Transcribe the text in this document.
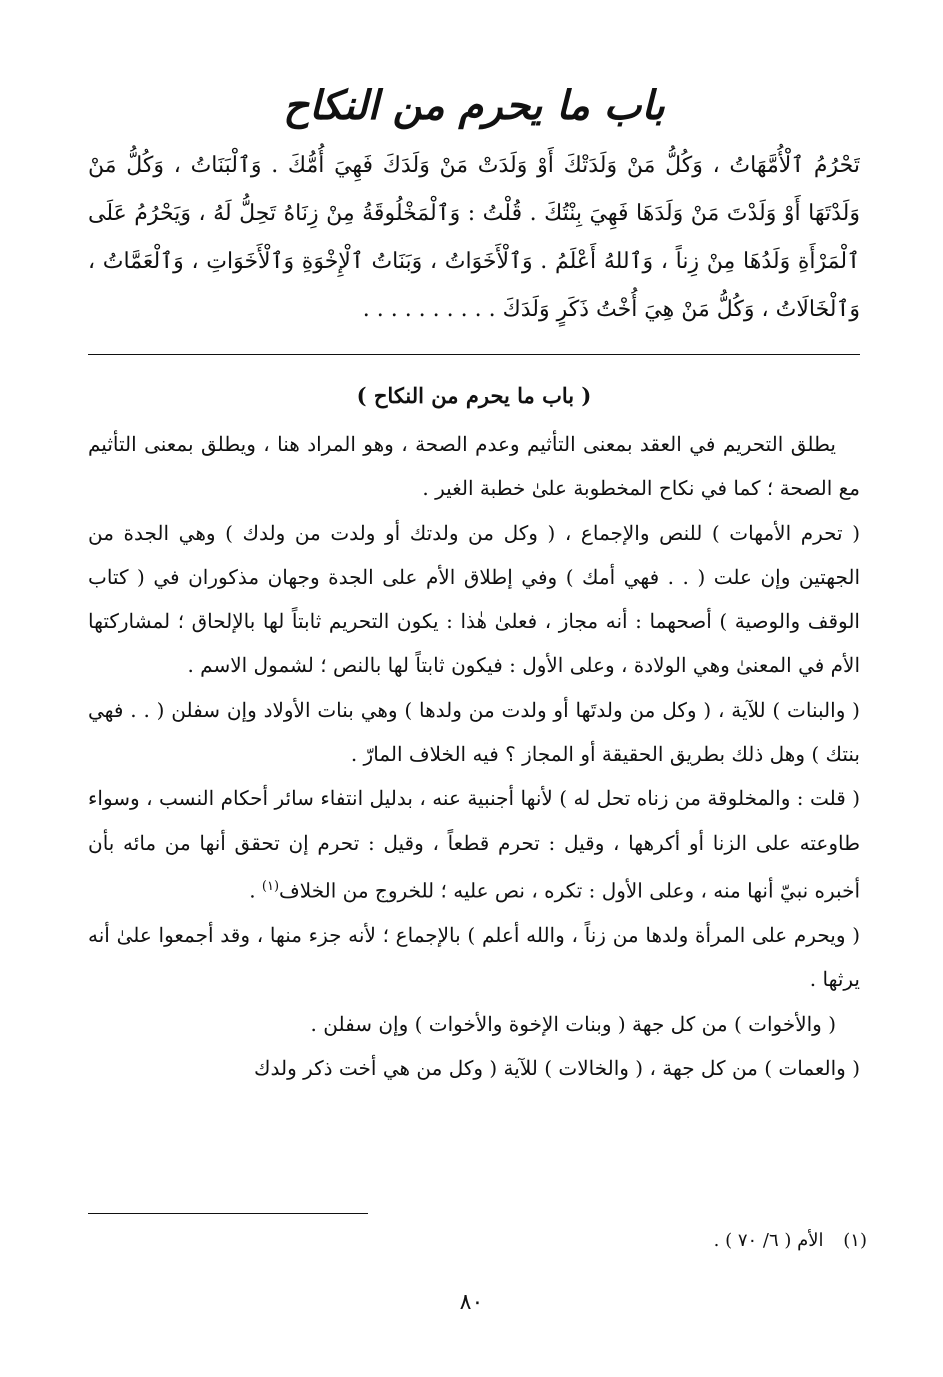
باب ما يحرم من النكاح

تَحْرُمُ ٱلْأُمَّهَاتُ ، وَكُلُّ مَنْ وَلَدَتْكَ أَوْ وَلَدَتْ مَنْ وَلَدَكَ فَهِيَ أُمُّكَ . وَٱلْبَنَاتُ ، وَكُلُّ مَنْ وَلَدْتَهَا أَوْ وَلَدْتَ مَنْ وَلَدَهَا فَهِيَ بِنْتُكَ . قُلْتُ : وَٱلْمَخْلُوقَةُ مِنْ زِنَاهُ تَحِلُّ لَهُ ، وَيَحْرُمُ عَلَى ٱلْمَرْأَةِ وَلَدُهَا مِنْ زِناً ، وَٱللهُ أَعْلَمُ . وَٱلْأَخَوَاتُ ، وَبَنَاتُ ٱلْإِخْوَةِ وَٱلْأَخَوَاتِ ، وَٱلْعَمَّاتُ ، وَٱلْخَالَاتُ ، وَكُلُّ مَنْ هِيَ أُخْتُ ذَكَرٍ وَلَدَكَ . . . . . . . . . .

( باب ما يحرم من النكاح )

يطلق التحريم في العقد بمعنى التأثيم وعدم الصحة ، وهو المراد هنا ، ويطلق بمعنى التأثيم مع الصحة ؛ كما في نكاح المخطوبة علىٰ خطبة الغير .

( تحرم الأمهات ) للنص والإجماع ، ( وكل من ولدتك أو ولدت من ولدك ) وهي الجدة من الجهتين وإن علت ( . . فهي أمك ) وفي إطلاق الأم على الجدة وجهان مذكوران في ( كتاب الوقف والوصية ) أصحهما : أنه مجاز ، فعلىٰ هٰذا : يكون التحريم ثابتاً لها بالإلحاق ؛ لمشاركتها الأم في المعنىٰ وهي الولادة ، وعلى الأول : فيكون ثابتاً لها بالنص ؛ لشمول الاسم .

( والبنات ) للآية ، ( وكل من ولدتَها أو ولدت من ولدها ) وهي بنات الأولاد وإن سفلن ( . . فهي بنتك ) وهل ذلك بطريق الحقيقة أو المجاز ؟ فيه الخلاف المارّ .

( قلت : والمخلوقة من زناه تحل له ) لأنها أجنبية عنه ، بدليل انتفاء سائر أحكام النسب ، وسواء طاوعته على الزنا أو أكرهها ، وقيل : تحرم قطعاً ، وقيل : تحرم إن تحقق أنها من مائه بأن أخبره نبيّ أنها منه ، وعلى الأول : تكره ، نص عليه ؛ للخروج من الخلاف$^{(١)}$ .

( ويحرم على المرأة ولدها من زناً ، والله أعلم ) بالإجماع ؛ لأنه جزء منها ، وقد أجمعوا علىٰ أنه يرثها .

( والأخوات ) من كل جهة ( وبنات الإخوة والأخوات ) وإن سفلن .

( والعمات ) من كل جهة ، ( والخالات ) للآية ( وكل من هي أخت ذكر ولدك

(١) الأم ( ٦/ ٧٠ ) .
٨٠
